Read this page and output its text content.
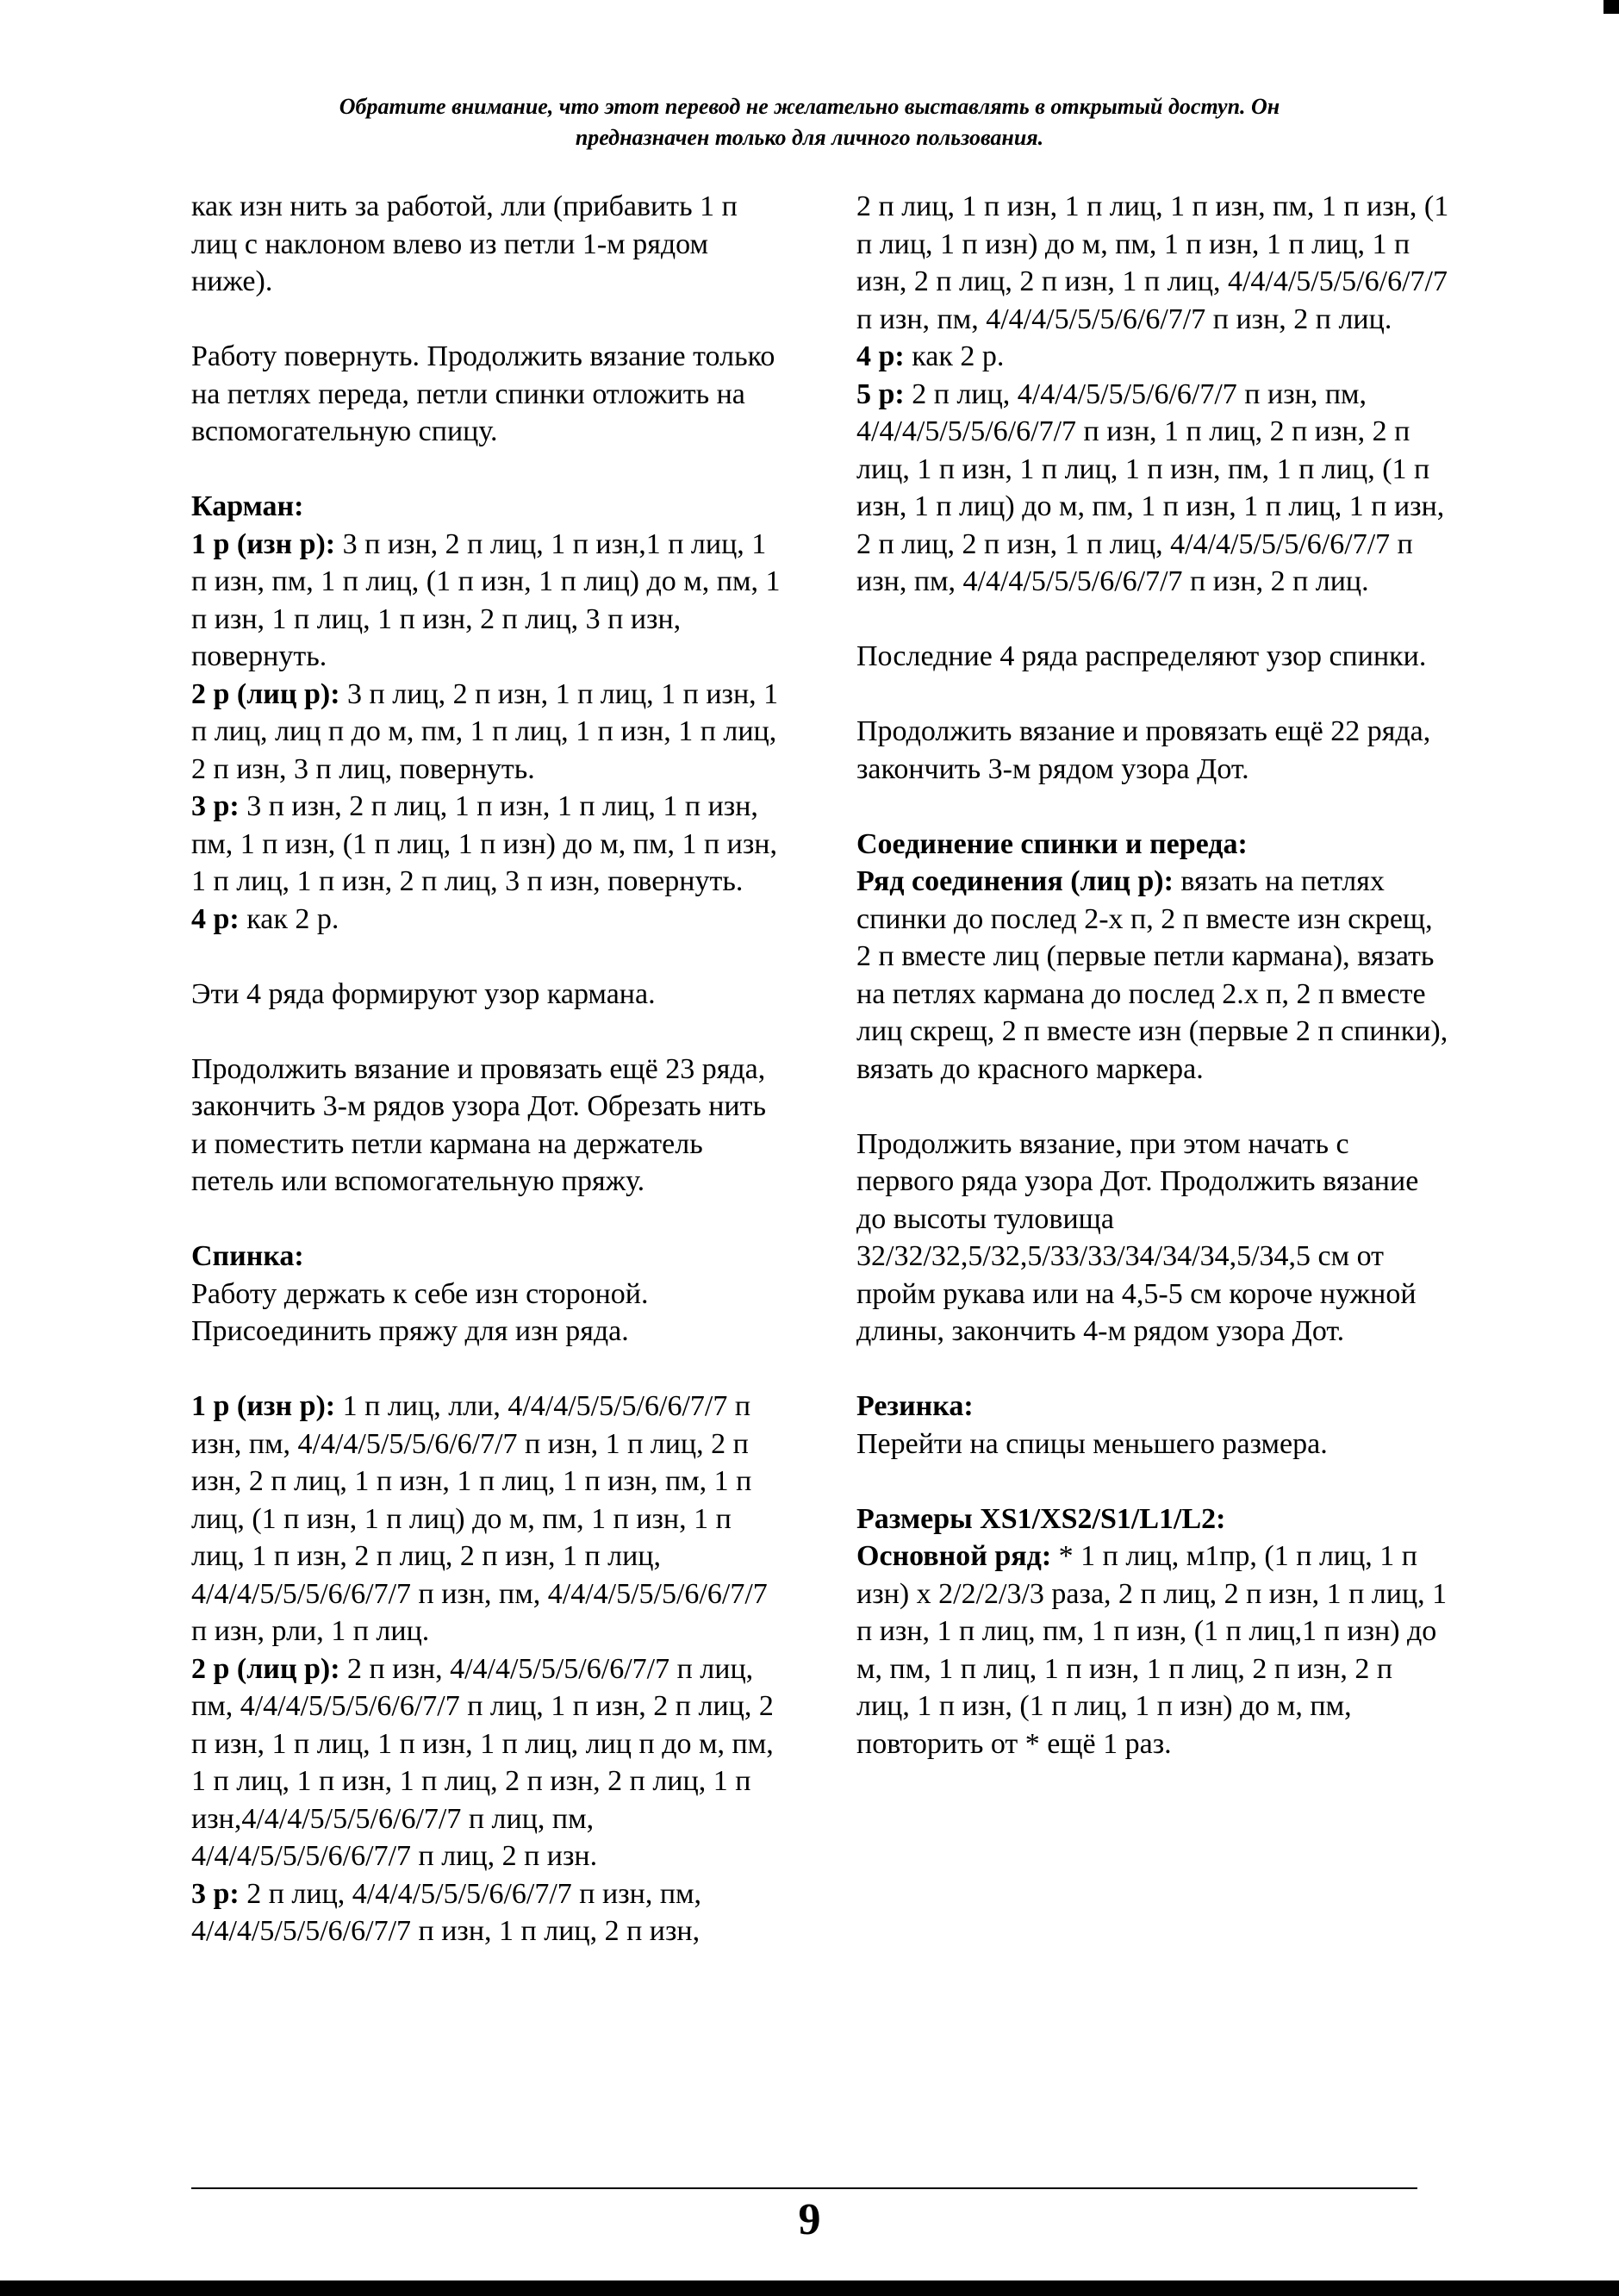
Обратите внимание, что этот перевод не желательно выставлять в открытый доступ. Он
предназначен только для личного пользования.

как изн нить за работой, лли (прибавить 1 п лиц с наклоном влево из петли 1-м рядом ниже).

Работу повернуть. Продолжить вязание только на петлях переда, петли спинки отложить на вспомогательную спицу.

Карман:

1 р (изн р): 3 п изн, 2 п лиц, 1 п изн,1 п лиц, 1 п изн, пм, 1 п лиц, (1 п изн, 1 п лиц) до м, пм, 1 п изн, 1 п лиц, 1 п изн, 2 п лиц, 3 п изн, повернуть.

2 р (лиц р): 3 п лиц, 2 п изн, 1 п лиц, 1 п изн, 1 п лиц, лиц п до м, пм, 1 п лиц, 1 п изн, 1 п лиц, 2 п изн, 3 п лиц, повернуть.

3 р: 3 п изн, 2 п лиц, 1 п изн, 1 п лиц, 1 п изн, пм, 1 п изн, (1 п лиц, 1 п изн) до м, пм, 1 п изн, 1 п лиц, 1 п изн, 2 п лиц, 3 п изн, повернуть.

4 р: как 2 р.

Эти 4 ряда формируют узор кармана.

Продолжить вязание и провязать ещё 23 ряда, закончить 3-м рядов узора Дот. Обрезать нить и поместить петли кармана на держатель петель или вспомогательную пряжу.

Спинка:

Работу держать к себе изн стороной. Присоединить пряжу для изн ряда.

1 р (изн р): 1 п лиц, лли, 4/4/4/5/5/5/6/6/7/7 п изн, пм, 4/4/4/5/5/5/6/6/7/7 п изн, 1 п лиц, 2 п изн, 2 п лиц, 1 п изн, 1 п лиц, 1 п изн, пм, 1 п лиц, (1 п изн, 1 п лиц) до м, пм, 1 п изн, 1 п лиц, 1 п изн, 2 п лиц, 2 п изн, 1 п лиц, 4/4/4/5/5/5/6/6/7/7 п изн, пм, 4/4/4/5/5/5/6/6/7/7 п изн, рли, 1 п лиц.

2 р (лиц р): 2 п изн, 4/4/4/5/5/5/6/6/7/7 п лиц, пм, 4/4/4/5/5/5/6/6/7/7 п лиц, 1 п изн, 2 п лиц, 2 п изн, 1 п лиц, 1 п изн, 1 п лиц, лиц п до м, пм, 1 п лиц, 1 п изн, 1 п лиц, 2 п изн, 2 п лиц, 1 п изн,4/4/4/5/5/5/6/6/7/7 п лиц, пм, 4/4/4/5/5/5/6/6/7/7 п лиц, 2 п изн.

3 р: 2 п лиц, 4/4/4/5/5/5/6/6/7/7 п изн, пм, 4/4/4/5/5/5/6/6/7/7 п изн, 1 п лиц, 2 п изн,

2 п лиц, 1 п изн, 1 п лиц, 1 п изн, пм, 1 п изн, (1 п лиц, 1 п изн) до м, пм, 1 п изн, 1 п лиц, 1 п изн, 2 п лиц, 2 п изн, 1 п лиц, 4/4/4/5/5/5/6/6/7/7 п изн, пм, 4/4/4/5/5/5/6/6/7/7 п изн, 2 п лиц.

4 р: как 2 р.

5 р: 2 п лиц, 4/4/4/5/5/5/6/6/7/7 п изн, пм, 4/4/4/5/5/5/6/6/7/7 п изн, 1 п лиц, 2 п изн, 2 п лиц, 1 п изн, 1 п лиц, 1 п изн, пм, 1 п лиц, (1 п изн, 1 п лиц) до м, пм, 1 п изн, 1 п лиц, 1 п изн, 2 п лиц, 2 п изн, 1 п лиц, 4/4/4/5/5/5/6/6/7/7 п изн, пм, 4/4/4/5/5/5/6/6/7/7 п изн, 2 п лиц.

Последние 4 ряда распределяют узор спинки.

Продолжить вязание и провязать ещё 22 ряда, закончить 3-м рядом узора Дот.

Соединение спинки и переда:

Ряд соединения (лиц р): вязать на петлях спинки до послед 2-х п, 2 п вместе изн скрещ, 2 п вместе лиц (первые петли кармана), вязать на петлях кармана до послед 2.х п, 2 п вместе лиц скрещ, 2 п вместе изн (первые 2 п спинки), вязать до красного маркера.

Продолжить вязание, при этом начать с первого ряда узора Дот. Продолжить вязание до высоты туловища 32/32/32,5/32,5/33/33/34/34/34,5/34,5 см от пройм рукава или на 4,5-5 см короче нужной длины, закончить 4-м рядом узора Дот.

Резинка:

Перейти на спицы меньшего размера.

Размеры XS1/XS2/S1/L1/L2:

Основной ряд: * 1 п лиц, м1пр, (1 п лиц, 1 п изн) х 2/2/2/3/3 раза, 2 п лиц, 2 п изн, 1 п лиц, 1 п изн, 1 п лиц, пм, 1 п изн, (1 п лиц,1 п изн) до м, пм, 1 п лиц, 1 п изн, 1 п лиц, 2 п изн, 2 п лиц, 1 п изн, (1 п лиц, 1 п изн) до м, пм, повторить от * ещё 1 раз.

9
